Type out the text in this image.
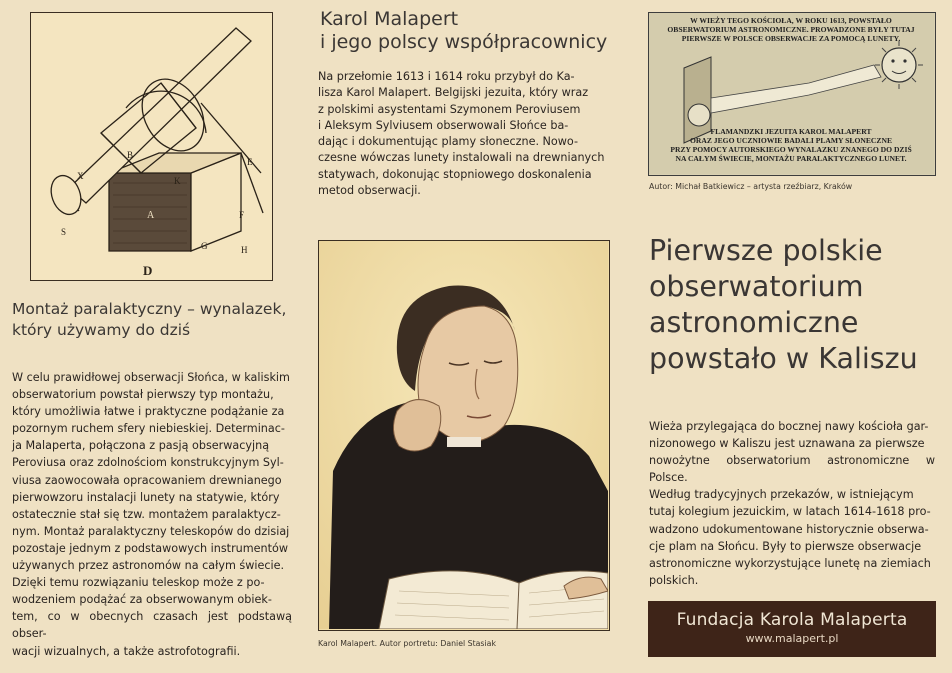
D
A
K
E
B
F
G	H
S
X
Karol Malapert
i jego polscy współpracownicy
Na przełomie 1613 i 1614 roku przybył do Ka-
lisza Karol Malapert. Belgijski jezuita, który wraz
z polskimi asystentami Szymonem Peroviusem
i Aleksym Sylviusem obserwowali Słońce ba-
dając i dokumentując plamy słoneczne. Nowo-
czesne wówczas lunety instalowali na drewnianych
statywach, dokonując stopniowego doskonalenia
metod obserwacji.
W WIEŻY TEGO KOŚCIOŁA, W ROKU 1613, POWSTAŁO
OBSERWATORIUM ASTRONOMICZNE. PROWADZONE BYŁY TUTAJ
PIERWSZE W POLSCE OBSERWACJE ZA POMOCĄ LUNETY.
FLAMANDZKI JEZUITA KAROL MALAPERT
ORAZ JEGO UCZNIOWIE BADALI PLAMY SŁONECZNE
PRZY POMOCY AUTORSKIEGO WYNALAZKU ZNANEGO DO DZIŚ
NA CAŁYM ŚWIECIE, MONTAŻU PARALAKTYCZNEGO LUNET.
Autor: Michał Batkiewicz – artysta rzeźbiarz, Kraków
Montaż paralaktyczny – wynalazek,
który używamy do dziś
W celu prawidłowej obserwacji Słońca, w kaliskim
obserwatorium powstał pierwszy typ montażu,
który umożliwia łatwe i praktyczne podążanie za
pozornym ruchem sfery niebieskiej. Determinac-
ja Malaperta, połączona z pasją obserwacyjną
Peroviusa oraz zdolnościom konstrukcyjnym Syl-
viusa zaowocowała opracowaniem drewnianego
pierwowzoru instalacji lunety na statywie, który
ostatecznie stał się tzw. montażem paralaktycz-
nym. Montaż paralaktyczny teleskopów do dzisiaj
pozostaje jednym z podstawowych instrumentów
używanych przez astronomów na całym świecie.
Dzięki temu rozwiązaniu teleskop może z po-
wodzeniem podążać za obserwowanym obiek-
tem, co w obecnych czasach jest podstawą obser-
wacji wizualnych, a także astrofotografii.
Karol Malapert. Autor portretu: Daniel Stasiak
Pierwsze polskie
obserwatorium
astronomiczne
powstało w Kaliszu
Wieża przylegająca do bocznej nawy kościoła gar-
nizonowego w Kaliszu jest uznawana za pierwsze
nowożytne obserwatorium astronomiczne w Polsce.
Według tradycyjnych przekazów, w istniejącym
tutaj kolegium jezuickim, w latach 1614-1618 pro-
wadzono udokumentowane historycznie obserwa-
cje plam na Słońcu. Były to pierwsze obserwacje
astronomiczne wykorzystujące lunetę na ziemiach
polskich.
Fundacja Karola Malaperta
www.malapert.pl
